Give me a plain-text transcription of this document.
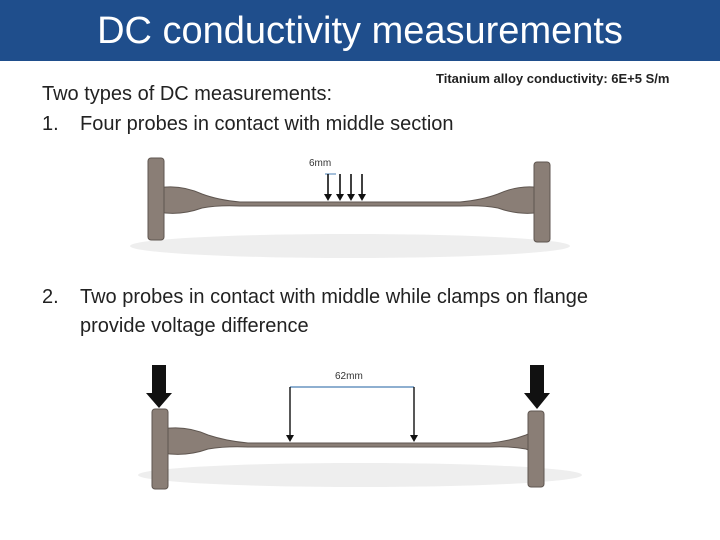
DC conductivity measurements
Titanium alloy conductivity: 6E+5 S/m
Two types of DC measurements:
1. Four probes in contact with middle section
6mm
2. Two probes in contact with middle while clamps on flange
provide voltage difference
62mm
